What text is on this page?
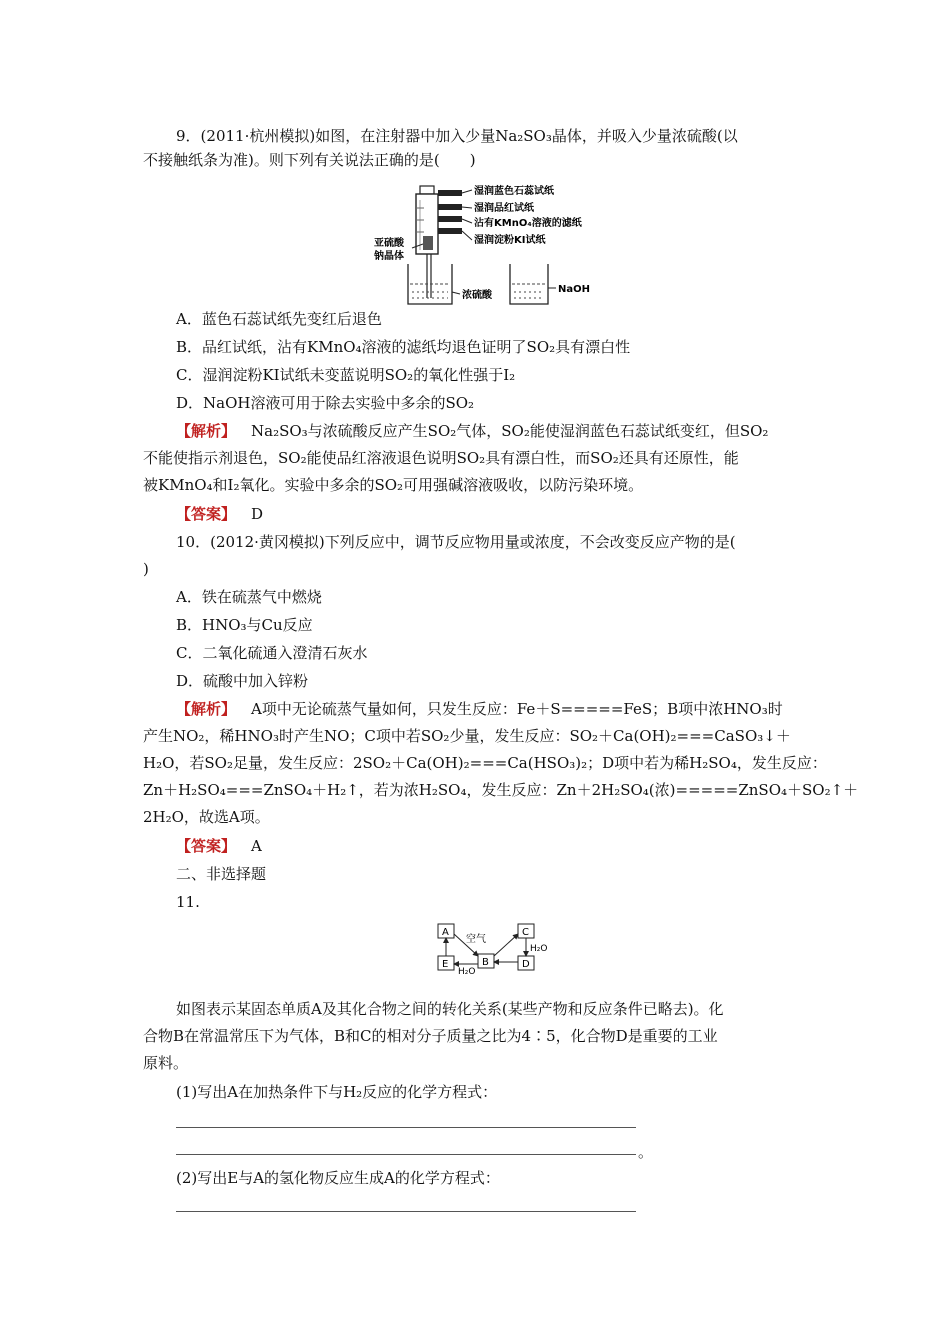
9．(2011·杭州模拟)如图，在注射器中加入少量Na₂SO₃晶体，并吸入少量浓硫酸(以
不接触纸条为准)。则下列有关说法正确的是(　　)
湿润蓝色石蕊试纸
湿润品红试纸
沾有KMnO₄溶液的滤纸
湿润淀粉KI试纸
亚硫酸
钠晶体
浓硫酸
NaOH
A．蓝色石蕊试纸先变红后退色
B．品红试纸，沾有KMnO₄溶液的滤纸均退色证明了SO₂具有漂白性
C．湿润淀粉KI试纸未变蓝说明SO₂的氧化性强于I₂
D．NaOH溶液可用于除去实验中多余的SO₂
【解析】  Na₂SO₃与浓硫酸反应产生SO₂气体，SO₂能使湿润蓝色石蕊试纸变红，但SO₂
不能使指示剂退色，SO₂能使品红溶液退色说明SO₂具有漂白性，而SO₂还具有还原性，能
被KMnO₄和I₂氧化。实验中多余的SO₂可用强碱溶液吸收，以防污染环境。
【答案】  D
10．(2012·黄冈模拟)下列反应中，调节反应物用量或浓度，不会改变反应产物的是(
)
A．铁在硫蒸气中燃烧
B．HNO₃与Cu反应
C．二氧化硫通入澄清石灰水
D．硫酸中加入锌粉
【解析】  A项中无论硫蒸气量如何，只发生反应：Fe＋S=====FeS；B项中浓HNO₃时
产生NO₂，稀HNO₃时产生NO；C项中若SO₂少量，发生反应：SO₂＋Ca(OH)₂===CaSO₃↓＋
H₂O，若SO₂足量，发生反应：2SO₂＋Ca(OH)₂===Ca(HSO₃)₂；D项中若为稀H₂SO₄，发生反应：
Zn＋H₂SO₄===ZnSO₄＋H₂↑，若为浓H₂SO₄，发生反应：Zn＋2H₂SO₄(浓)=====ZnSO₄＋SO₂↑＋
2H₂O，故选A项。
【答案】  A
二、非选择题
11.
A
B
C
D
E
空气
H₂O
H₂O
如图表示某固态单质A及其化合物之间的转化关系(某些产物和反应条件已略去)。化
合物B在常温常压下为气体，B和C的相对分子质量之比为4∶5，化合物D是重要的工业
原料。
(1)写出A在加热条件下与H₂反应的化学方程式：
。
(2)写出E与A的氢化物反应生成A的化学方程式：
